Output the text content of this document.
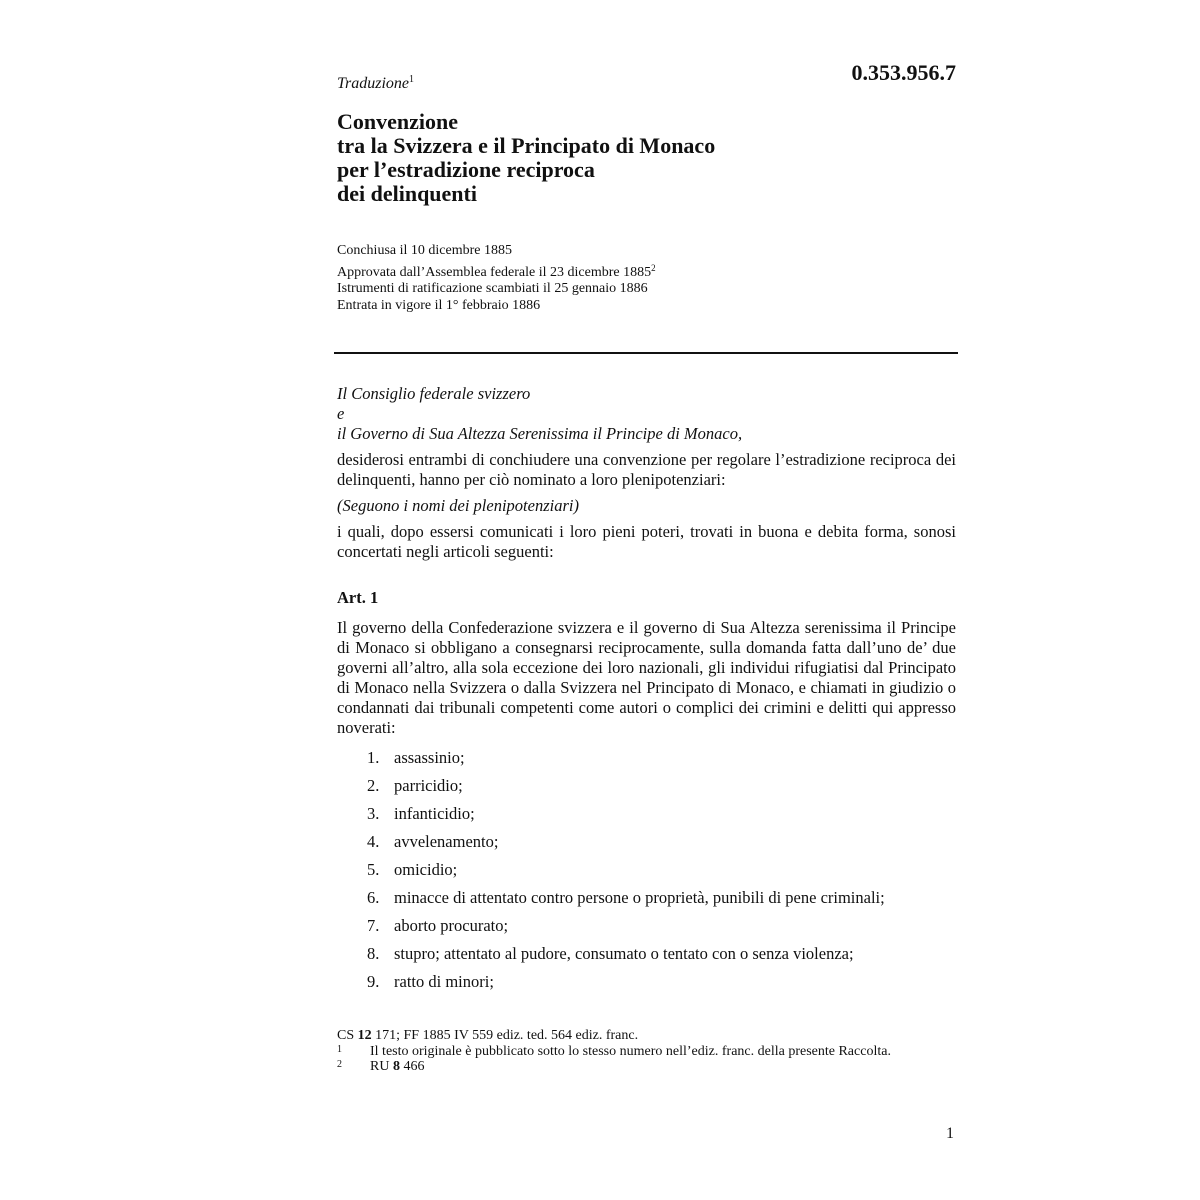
Traduzione$^1$	0.353.956.7
Convenzione
tra la Svizzera e il Principato di Monaco
per l’estradizione reciproca
dei delinquenti
Conchiusa il 10 dicembre 1885
Approvata dall’Assemblea federale il 23 dicembre 1885$^2$
Istrumenti di ratificazione scambiati il 25 gennaio 1886
Entrata in vigore il 1° febbraio 1886
Il Consiglio federale svizzero
e
il Governo di Sua Altezza Serenissima il Principe di Monaco,
desiderosi entrambi di conchiudere una convenzione per regolare l’estradizione reciproca dei delinquenti, hanno per ciò nominato a loro plenipotenziari:
(Seguono i nomi dei plenipotenziari)
i quali, dopo essersi comunicati i loro pieni poteri, trovati in buona e debita forma, sonosi concertati negli articoli seguenti:
Art. 1
Il governo della Confederazione svizzera e il governo di Sua Altezza serenissima il Principe di Monaco si obbligano a consegnarsi reciprocamente, sulla domanda fatta dall’uno de’ due governi all’altro, alla sola eccezione dei loro nazionali, gli individui rifugiatisi dal Principato di Monaco nella Svizzera o dalla Svizzera nel Principato di Monaco, e chiamati in giudizio o condannati dai tribunali competenti come autori o complici dei crimini e delitti qui appresso noverati:
1. assassinio;
2. parricidio;
3. infanticidio;
4. avvelenamento;
5. omicidio;
6. minacce di attentato contro persone o proprietà, punibili di pene criminali;
7. aborto procurato;
8. stupro; attentato al pudore, consumato o tentato con o senza violenza;
9. ratto di minori;
CS 12 171; FF 1885 IV 559 ediz. ted. 564 ediz. franc.
1 Il testo originale è pubblicato sotto lo stesso numero nell’ediz. franc. della presente Raccolta.
2 RU 8 466
1
